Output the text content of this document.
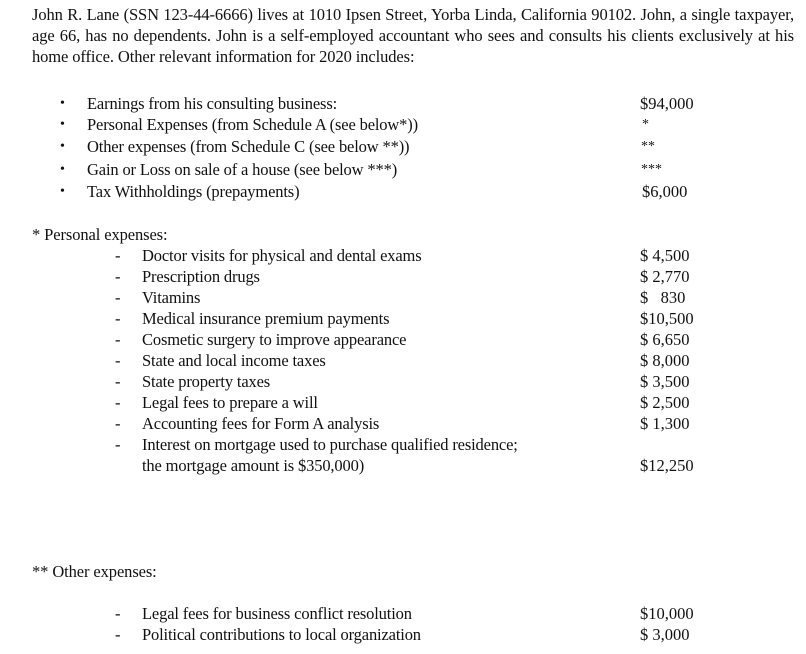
John R. Lane (SSN 123-44-6666) lives at 1010 Ipsen Street, Yorba Linda, California 90102. John, a single taxpayer, age 66, has no dependents. John is a self-employed accountant who sees and consults his clients exclusively at his home office. Other relevant information for 2020 includes:
•	Earnings from his consulting business:	$94,000
•	Personal Expenses (from Schedule A (see below*))	*
•	Other expenses (from Schedule C (see below **))	**
•	Gain or Loss on sale of a house (see below ***)	***
•	Tax Withholdings (prepayments)	$6,000
* Personal expenses:
- Doctor visits for physical and dental exams	$ 4,500
- Prescription drugs	$ 2,770
- Vitamins	$   830
- Medical insurance premium payments	$10,500
- Cosmetic surgery to improve appearance	$ 6,650
- State and local income taxes	$ 8,000
- State property taxes	$ 3,500
- Legal fees to prepare a will	$ 2,500
- Accounting fees for Form A analysis	$ 1,300
- Interest on mortgage used to purchase qualified residence;
the mortgage amount is $350,000)	$12,250
** Other expenses:
- Legal fees for business conflict resolution	$10,000
- Political contributions to local organization	$ 3,000
